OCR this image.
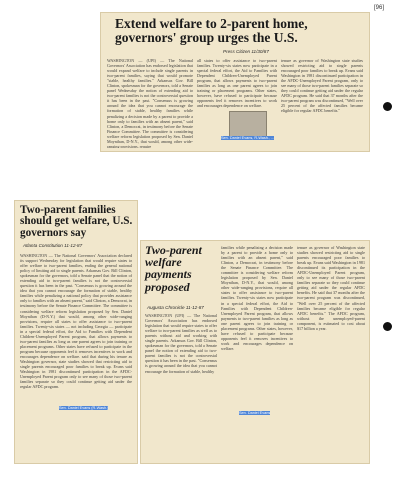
[96]
Extend welfare to 2-parent home, governors' group urges the U.S.
Press Citizen 11/30/87

WASHINGTON — (UPI) — The National Governors' Association has endorsed legislation that would expand welfare to include single parents in two-parent families, saying that would promote "stable, healthy families." Arkansas Gov. Bill Clinton, spokesman for the governors, told a Senate panel Wednesday the notion of extending aid to two-parent families is not the controversial question it has been in the past. "Consensus is growing around the idea that you cannot encourage the formation of stable, healthy families while penalizing a decision made by a parent to provide a home only to families with an absent parent," said Clinton, a Democrat, in testimony before the Senate Finance Committee. The committee is considering welfare reform legislation proposed by Sen. Daniel Moynihan, D-N.Y., that would, among other wide-ranging provisions, require

all states to offer assistance to two-parent families. Twenty-six states now participate in a special federal effort, the Aid to Families with Dependent Children-Unemployed Parent program, that allows payments to two-parent families as long as one parent agrees to join training or placement programs. Other states, however, have refused to participate because opponents feel it removes incentives to work and encourages dependence on welfare.

Sen. Daniel Evans, R-Wash., ...

tenure as governor of Washington state studies showed restricting aid to single parents encouraged poor families to break up. Evans said Washington in 1981 discontinued participation in the AFDC-Unemployed Parent program, only to see many of those two-parent families separate so they could continue getting aid under the regular AFDC program. He said that 37 months after the two-parent program was discontinued, "Well over 25 percent of the affected families became eligible for regular AFDC benefits."

Two-parent families should get welfare, U.S. governors say
Atlanta Constitution 11-12-87

WASHINGTON — The National Governors' Association declared its support Wednesday for legislation that would require states to offer welfare to two-parent families, ending the general national policy of limiting aid to single parents. Arkansas Gov. Bill Clinton, spokesman for the governors, told a Senate panel that the notion of extending aid to two-parent families is not the controversial question it has been in the past. "Consensus is growing around the idea that you cannot encourage the formation of stable, healthy families while penalizing a national policy that provides assistance only to families with an absent parent," said Clinton, a Democrat, in testimony before the Senate Finance Committee. The committee is considering welfare reform legislation proposed by Sen. Daniel Moynihan (D-N.Y.) that would, among other wide-ranging provisions, require all states to offer assistance to two-parent families. Twenty-six states — not including Georgia — participate in a special federal effort, the Aid to Families with Dependent Children-Unemployed Parent program, that allows payments to two-parent families as long as one parent agrees to join training or placement programs. Other states have refused to participate in the program because opponents feel it removes incentives to work and encourages dependence on welfare. said that during his tenure as Washington governor, state studies showed that restricting aid to single parents encouraged poor families to break up. Evans said Washington in 1981 discontinued participation in the AFDC-Unemployed Parent program only to see many of those two-parent families separate so they could continue getting aid under the regular AFDC program.

Sen. Daniel Evans (R-Wash.)
Two-parent welfare payments proposed
Augusta Chronicle 11-12-87

WASHINGTON (UPI) — The National Governors' Association has endorsed legislation that would require states to offer welfare to two-parent families as well as to parents without aid and working with single parents. Arkansas Gov. Bill Clinton, spokesman for the governors, told a Senate panel the notion of extending aid to two-parent families is not the controversial question it has been in the past. "Consensus is growing around the idea that you cannot encourage the formation of stable, healthy

families while penalizing a decision made by a parent to provide a home only to families with an absent parent," said Clinton, a Democrat, in testimony before the Senate Finance Committee. The committee is considering welfare reform legislation proposed by Sen. Daniel Moynihan, D-N.Y., that would, among other wide-ranging provisions, require all states to offer assistance to two-parent families. Twenty-six states now participate in a special federal effort, the Aid to Families with Dependent Children-Unemployed Parent program, that allows payments to two-parent families as long as one parent agrees to join training or placement programs. Other states, however, have refused to participate because opponents feel it removes incentives to work and encourages dependence on welfare.

Sen. Daniel Evans

tenure as governor of Washington state studies showed restricting aid to single parents encouraged poor families to break up. Evans said Washington in 1981 discontinued its participation in the AFDC-Unemployed Parent program, only to see many of those two-parent families separate so they could continue getting aid under the regular AFDC benefits. He said that 37 months after the two-parent program was discontinued, "Well over 25 percent of the affected families became eligible for regular AFDC benefits." The AFDC program, without the unemployed-parent component, is estimated to cost about $17 billion a year.
